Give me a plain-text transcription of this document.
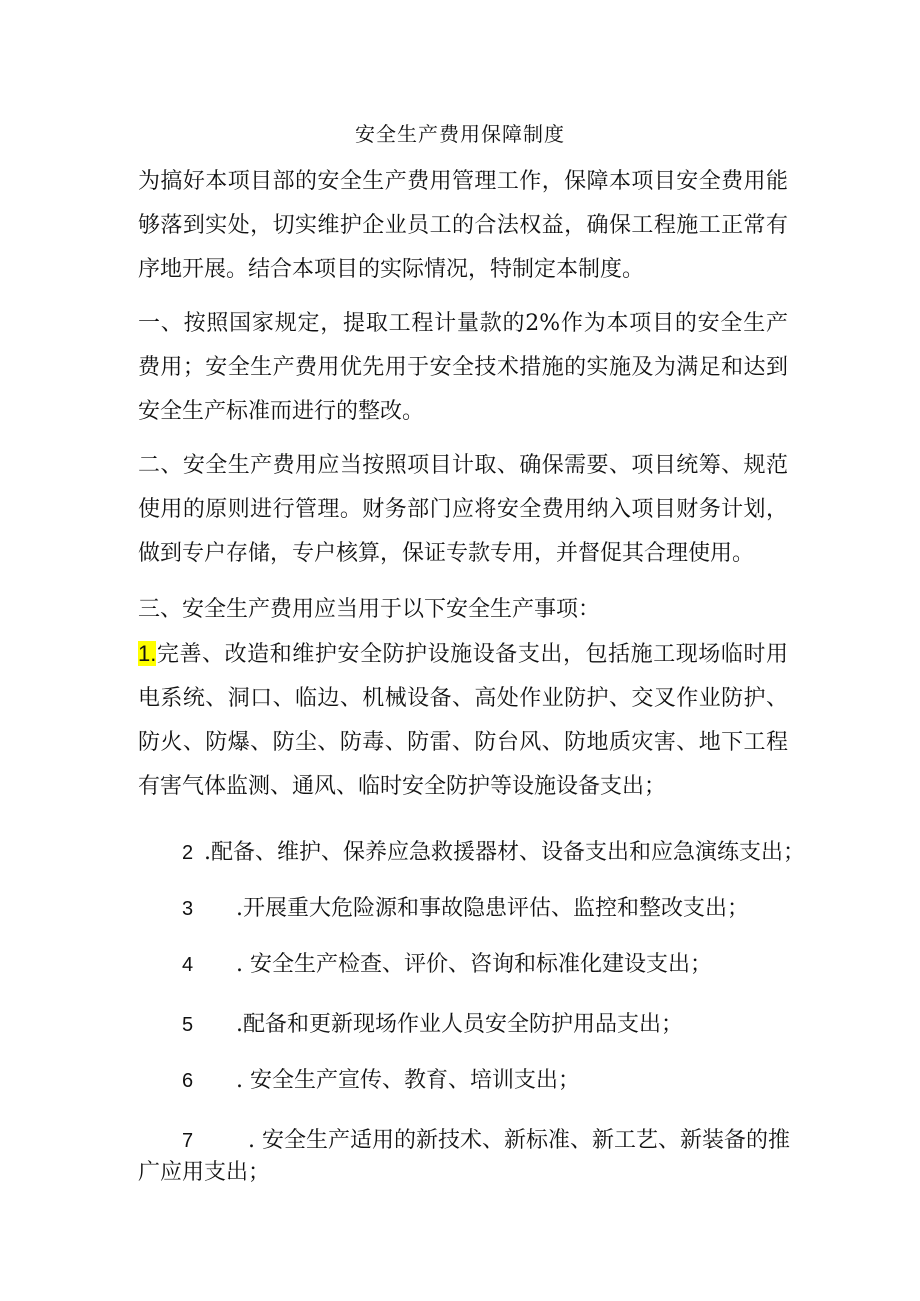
安全生产费用保障制度
为搞好本项目部的安全生产费用管理工作，保障本项目安全费用能够落到实处，切实维护企业员工的合法权益，确保工程施工正常有序地开展。结合本项目的实际情况，特制定本制度。
一、按照国家规定，提取工程计量款的2%作为本项目的安全生产费用；安全生产费用优先用于安全技术措施的实施及为满足和达到安全生产标准而进行的整改。
二、安全生产费用应当按照项目计取、确保需要、项目统筹、规范使用的原则进行管理。财务部门应将安全费用纳入项目财务计划，做到专户存储，专户核算，保证专款专用，并督促其合理使用。
三、安全生产费用应当用于以下安全生产事项：
1.完善、改造和维护安全防护设施设备支出，包括施工现场临时用电系统、洞口、临边、机械设备、高处作业防护、交叉作业防护、防火、防爆、防尘、防毒、防雷、防台风、防地质灾害、地下工程有害气体监测、通风、临时安全防护等设施设备支出；
2 .配备、维护、保养应急救援器材、设备支出和应急演练支出；
3 .开展重大危险源和事故隐患评估、监控和整改支出；
4 . 安全生产检查、评价、咨询和标准化建设支出；
5 .配备和更新现场作业人员安全防护用品支出；
6 . 安全生产宣传、教育、培训支出；
7 . 安全生产适用的新技术、新标准、新工艺、新装备的推
广应用支出；
